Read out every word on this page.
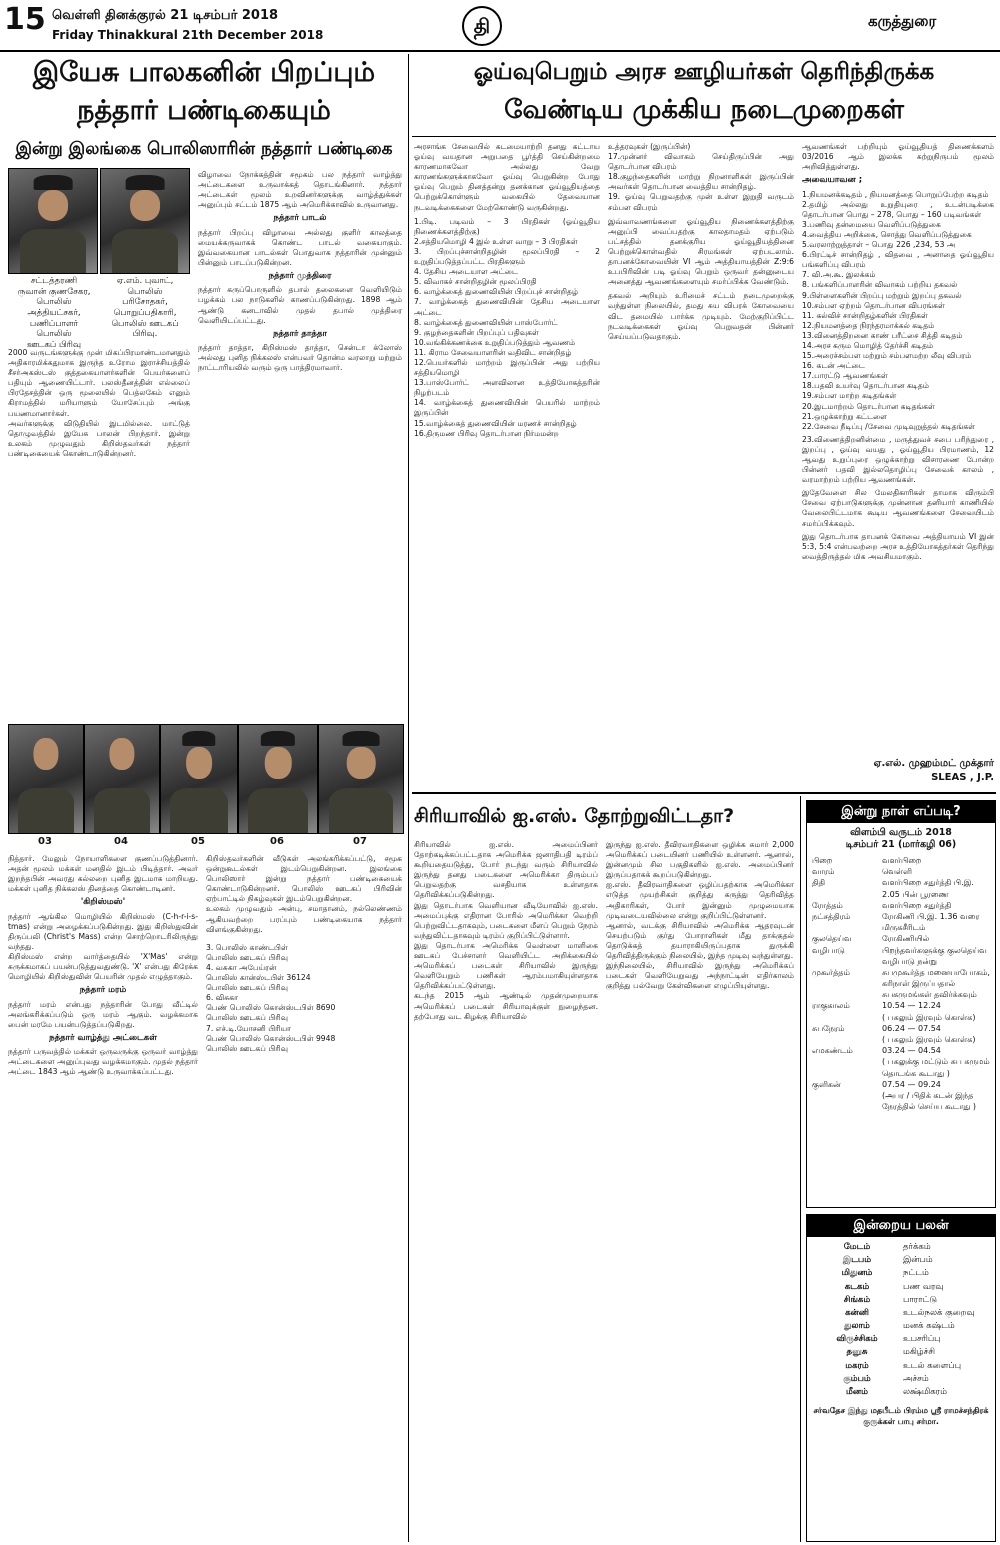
15 வெள்ளி தினக்குரல் 21 டிசம்பர் 2018
Friday Thinakkural 21th December 2018	தி	கருத்துரை
இயேசு பாலகனின் பிறப்பும்
நத்தார் பண்டிகையும்
இன்று இலங்கை பொலிஸாரின் நத்தார் பண்டிகை
சட்டத்தரணி
ருவான் குணசேகர,
பொலிஸ்
அத்தியட்சகர்,
பணிப்பாளர்
பொலிஸ்
ஊடகப் பிரிவு
ஏ.எம். புவாட்,
பொலிஸ்
பரிசோதகர்,
பொறுப்பதிகாரி,
பொலிஸ் ஊடகப்
பிரிவு.
2000 வருடங்களுக்கு முன் மிகப்பிரமாண்டமானதும் அதிகாரமிக்கதுமாக இருந்த உரோம இராச்சியத்தில் சீசர்அகஸ்டஸ் குத்தகையாளர்களின் பெயர்களைப் பதியும் ஆணையிட்டார். பலஸ்தீனத்தின் எல்லைப் பிரதேசத்தின் ஒரு மூலையில் பெத்லகேம் எனும் கிராமத்தில் மரியாளும் யோசேப்பும் அங்கு பயணமானார்கள்.
அவர்களுக்கு விடுதியில் இடமில்லை. மாட்டுத் தொழுவத்தில் இயேசு பாலன் பிறந்தார். இன்று உலகம் முழுவதும் கிறிஸ்தவர்கள் நத்தார் பண்டிகையைக் கொண்டாடுகின்றனர்.
விழாவை நோக்கத்தின் சமூகம் பல நத்தார் வாழ்த்து அட்டைகளை உருவாக்கத் தொடங்கினார். நத்தார் அட்டைகள் மூலம் உறவினர்களுக்கு வாழ்த்துக்கள் அனுப்பும் சட்டம் 1875 ஆம் அமெரிக்காவில் உருவானது.
நத்தார் பாடல்
நத்தார் பிறப்பு விழாவை அல்லது குளிர் காலத்தை மையக்கருவாகக் கொண்ட பாடல் வகையாகும். இவ்வகையான பாடல்கள் பொதுவாக நத்தாரின் முன்னும் பின்னும் பாடப்படுகின்றன.
நத்தார் முத்திரை
நத்தார் கருப்பொருளில் தபால் தலைகளை வெளியிடும் பழக்கம் பல நாடுகளில் காணப்படுகின்றது. 1898 ஆம் ஆண்டு கனடாவில் முதல் தபால் முத்திரை வெளியிடப்பட்டது.
நத்தார் தாத்தா
நத்தார் தாத்தா, கிறிஸ்மஸ் தாத்தா, சென்டா க்லோஸ் அல்லது புனித நிக்கலஸ் என்பவர் தொன்ம வரலாறு மற்றும் நாட்டாரியலில் வரும் ஒரு பாத்திரமாவார்.
03	04	05	06	07
நித்தார். மேலும் நோயாளிகளை குணப்படுத்தினார். அதன் மூலம் மக்கள் மனதில் இடம் பிடித்தார். அவர் இறந்தபின் அவரது கல்லறை புனித இடமாக மாறியது. மக்கள் புனித நிக்கலஸ் தினத்தை கொண்டாடினர்.
'கிறிஸ்மஸ்'
நத்தார் ஆங்கில மொழியில் கிறிஸ்மஸ் (C-h-r-i-s-tmas) என்று அழைக்கப்படுகின்றது. இது கிறிஸ்துவின் திருப்பலி (Christ's Mass) என்ற சொற்றொடரிலிருந்து வந்தது.
கிறிஸ்மஸ் என்ற வார்த்தையில் 'X'Mas' என்று சுருக்கமாகப் பயன்படுத்துவதுண்டு. 'X' என்பது கிரேக்க மொழியில் கிறிஸ்துவின் பெயரின் முதல் எழுத்தாகும்.
நத்தார் மரம்
நத்தார் மரம் என்பது நத்தாரின் போது வீட்டில் அலங்கரிக்கப்படும் ஒரு மரம் ஆகும். வழக்கமாக பைன் மரமே பயன்படுத்தப்படுகிறது.
நத்தார் வாழ்த்து அட்டைகள்
நத்தார் பருவத்தில் மக்கள் ஒருவருக்கு ஒருவர் வாழ்த்து அட்டைகளை அனுப்புவது வழக்கமாகும். முதல் நத்தார் அட்டை 1843 ஆம் ஆண்டு உருவாக்கப்பட்டது.
கிறிஸ்தவர்களின் வீடுகள் அலங்கரிக்கப்பட்டு, சமூக ஒன்றுகூடல்கள் இடம்பெறுகின்றன. இலங்கை பொலிஸார் இன்று நத்தார் பண்டிகையைக் கொண்டாடுகின்றனர். பொலிஸ் ஊடகப் பிரிவின் ஏற்பாட்டில் நிகழ்வுகள் இடம்பெறுகின்றன.
உலகம் முழுவதும் அன்பு, சமாதானம், நல்லெண்ணம் ஆகியவற்றை பரப்பும் பண்டிகையாக நத்தார் விளங்குகின்றது.
3. பொலிஸ் காண்டபிள்
பொலிஸ் ஊடகப் பிரிவு
4. வசுகா அபேய்ரன்
பொலிஸ் கான்ஸ்டபிள் 36124
பொலிஸ் ஊடகப் பிரிவு
6. விசுகா
பெண் பொலிஸ் கொன்ஸ்டபிள் 8690
பொலிஸ் ஊடகப் பிரிவு
7. எச்.டி.யோசனி பிரியா
பெண் பொலிஸ் கொன்ஸ்டபிள் 9948
பொலிஸ் ஊடகப் பிரிவு
ஓய்வுபெறும் அரச ஊழியர்கள் தெரிந்திருக்க
வேண்டிய முக்கிய நடைமுறைகள்
அரசாங்க சேவையில் கடமையாற்றி தனது கட்டாய ஓய்வு வயதான அறுபதை பூர்த்தி செய்கின்றமை காரணமாகவோ அல்லது வேறு காரணங்களுக்காகவோ ஓய்வு பெறுகின்ற போது ஓய்வு பெறும் தினத்தன்று தனக்கான ஓய்வூதியத்தை பெற்றுக்கொள்ளும் வகையில் தேவையான நடவடிக்கைகளை மேற்கொண்டு வருகின்றது.
1.பிடி. படிவம் – 3 பிரதிகள் (ஓய்வூதிய நிணைக்களத்திற்கு)
2.சத்தியமொழி 4 இல் உள்ள வாறு – 3 பிரதிகள்
3. பிறப்புச்சான்றிதழின் மூலப்பிரதி – 2 உறுதிப்படுத்தப்பட்ட பிரதிகளும்
4. தேசிய அடையாள அட்டை
5. விவாகச் சான்றிதழின் மூலப்பிரதி
6. வாழ்க்கைத் துணைவியின் பிறப்புச் சான்றிதழ்
7. வாழ்க்கைத் துணைவியின் தேசிய அடையாள அட்டை
8. வாழ்க்கைத் துணைவியின் பாஸ்போர்ட்
9. குழந்தைகளின் பிறப்புப் பதிவுகள்
10.வங்கிக்கணக்கை உறுதிப்படுத்தும் ஆவணம்
11. கிராம சேவையாளரின் வதிவிட சான்றிதழ்
12.பெயர்களில் மாற்றம் இருப்பின் அது பற்றிய சத்தியமொழி
13.பாஸ்போர்ட் அளவிலான உத்தியோகத்தரின் நிழற்படம்
14. வாழ்க்கைத் துணைவியின் பெயரில் மாற்றம் இருப்பின்
15.வாழ்க்கைத் துணைவியின் மரணச் சான்றிதழ்
16.திருமண பிரிவு தொடர்பான நிர்மமன்ற
உத்தரவுகள் (இருப்பின்)
17.முன்னர் விவாகம் செய்திருப்பின் அது தொடர்பான விபரம்
18.குழந்தைகளின் மாற்று நிறனாளிகள் இருப்பின் அவர்கள் தொடர்பான வைத்திய சான்றிதழ்.
19. ஓய்வு பெறுவதற்கு முன் உள்ள இறுதி வருடம் சம்பள விபரம்

இவ்வாவணங்களை ஓய்வூதிய நிணைக்களத்திற்கு அனுப்பி வைப்பதற்கு காலதாமதம் ஏற்படும் பட்சத்தில் தனக்குரிய ஓய்வூதியத்தினை பெற்றுக்கொள்வதில் சிரமங்கள் ஏற்படலாம். தாபனக்கோவையின் VI ஆம் அத்தியாயத்தின் Z:9:6 உபபிரிவின் படி ஓய்வு பெறும் ஒருவர் தன்னுடைய அனைத்து ஆவணங்களையும் சமர்ப்பிக்க வேண்டும்.

தகவல் அறியும் உரிமைச் சட்டம் நடைமுறைக்கு வந்துள்ள நிலையில், தமது சுய விபரக் கோவையை விட தமையில் பார்க்க முடியும். மேற்குறிப்பிட்ட நடவடிக்கைகள் ஓய்வு பெறுவதன் பின்னர் செய்யப்படுவதாகும்.

ஆவணங்கள் பற்றியும் ஓய்வூதியத் திணைக்களம் 03/2016 ஆம் இலக்க சுற்றுநிருபம் மூலம் அறிவித்துள்ளது.
அவையாவன ;
1.நியமனக்கடிதம் , நியமனத்தை பொறுப்பேற்ற கடிதம்
2.தமிழ் அல்லது உறுதியுரை , உடன்படிக்கை தொடர்பான பொது – 278, பொது – 160 படிவங்கள்
3.பணிவு தன்மையை வெளிப்படுத்துகை
4.வைத்திய அறிக்கை, சொத்து வெளிப்படுத்துகை
5.வரலாற்றுத்தாள் – பொது 226 ,234, 53 அ
6.பிரட்டிச் சான்றிதழ் , விதவை , அனாதை ஓய்வூதிய பங்களிப்பு விபரம்
7. வி.அ.கூ. இலக்கம்
8. பங்களிப்பாளரின் விவாகம் பற்றிய தகவல்
9.பிள்ளைகளின் பிறப்பு மற்றும் இறப்பு தகவல்
10.சம்பள ஏற்றம் தொடர்பான விபரங்கள்
11. கல்விச் சான்றிதழ்களின் பிரதிகள்
12.நியமனத்தை நிரந்தரமாக்கல் கடிதம்
13.வினைத்திறனை காண் பரீட்சை சித்தி கடிதம்
14.அரச கரும மொழித் தேர்ச்சி கடிதம்
15.அரைச்சம்பள மற்றும் சம்பளமற்ற லீவு விபரம்
16. கடன் அட்டை
17.பாரட்டு ஆவணங்கள்
18.பதவி உயர்வு தொடர்பான கடிதம்
19.சம்பள மாற்ற கடிதங்கள்
20.இடமாற்றம் தொடர்பான கடிதங்கள்
21.ஒழுக்காற்று கட்டளை
22.சேவை நீடிப்பு /சேவை முடிவுறுத்தல் கடிதங்கள்

23.விணைத்திறனின்மை , மருத்துவச் சபை பரிந்துரை , இறப்பு , ஓய்வு வயது , ஓய்வூதிய பிரமாணம், 12 ஆவது உறுப்புரை ஒழுக்காற்று விசாரணை போன்ற பின்னர் பதவி இல்லதொழிப்பு சேவைக் காலம் , வரமாற்றம் பற்றிய ஆவணங்கள்.

இதேவேளை சில மேலதிகாரிகள் தாமாக விரும்பி சேவை ஏற்பாடுகளுக்கு முன்னான தனியார் காணியில் வேலைபிட்டமாக கூடிய ஆவணங்களை சேவையிடம் சமர்ப்பிக்கவும்.

இது தொடர்பாக தாபனக் கோவை அத்தியாயம் VI இன் 5:3, 5:4 என்பவற்றை அரச உத்தியோகத்தர்கள் தெரிந்து வைத்திருத்தல் மிக அவசியமாகும்.

ஏ.எல். முஹம்மட் முக்தார்
SLEAS , J.P.
சிரியாவில் ஐ.எஸ். தோற்றுவிட்டதா?
சிரியாவில் ஐ.எஸ். அமைப்பினர் தோற்கடிக்கப்பட்டதாக அமெரிக்க ஜனாதிபதி டிரம்ப் கூறியதையடுத்து, போர் நடந்து வரும் சிரியாவில் இருந்து தனது படைகளை அமெரிக்கா திரும்பப் பெறுவதற்கு வசதியாக உள்ளதாக தெரிவிக்கப்படுகின்றது.
இது தொடர்பாக வெளியான வீடியோவில் ஐ.எஸ். அமைப்புக்கு எதிரான போரில் அமெரிக்கா வெற்றி பெற்றுவிட்டதாகவும், படைகளை மீளப் பெறும் நேரம் வந்துவிட்டதாகவும் டிரம்ப் குறிப்பிட்டுள்ளார்.
இது தொடர்பாக அமெரிக்க வெள்ளை மாளிகை ஊடகப் பேச்சாளர் வெளியிட்ட அறிக்கையில் அமெரிக்கப் படைகள் சிரியாவில் இருந்து வெளியேறும் பணிகள் ஆரம்பமாகியுள்ளதாக தெரிவிக்கப்பட்டுள்ளது.
கடந்த 2015 ஆம் ஆண்டில் முதன்முறையாக அமெரிக்கப் படைகள் சிரியாவுக்குள் நுழைந்தன. தற்போது வட கிழக்கு சிரியாவில்
இருந்து ஐ.எஸ். தீவிரவாதிகளை ஒழிக்க சுமார் 2,000 அமெரிக்கப் படையினர் பணியில் உள்ளனர். ஆனால், இன்னமும் சில பகுதிகளில் ஐ.எஸ். அமைப்பினர் இருப்பதாகக் கூறப்படுகின்றது.
ஐ.எஸ். தீவிரவாதிகளை ஒழிப்பதற்காக அமெரிக்கா எடுத்த முயற்சிகள் குறித்து கருத்து தெரிவித்த அதிகாரிகள், போர் இன்னும் முழுமையாக முடிவடையவில்லை என்று குறிப்பிட்டுள்ளனர்.
ஆனால், வடக்கு சிரியாவில் அமெரிக்க ஆதரவுடன் செயற்படும் குர்து போராளிகள் மீது தாக்குதல் தொடுக்கத் தயாராகியிருப்பதாக துருக்கி தெரிவித்திருக்கும் நிலையில், இந்த முடிவு வந்துள்ளது.
இந்நிலையில், சிரியாவில் இருந்து அமெரிக்கப் படைகள் வெளியேறுவது அந்நாட்டின் எதிர்காலம் குறித்து பல்வேறு கேள்விகளை எழுப்பியுள்ளது.
இன்று நாள் எப்படி?
விளம்பி வருடம் 2018
டிசம்பர் 21 (மார்கழி 06)
பிறை	வளர்பிறை
வாரம்	வெள்ளி
திதி	வளர்பிறை சதுர்த்தி பி.இ. 2.05 பின் பூரணை
ரோத்தம்	வளர்பிறை சதுர்த்தி
நட்சத்திரம்	ரோகிணி பி.இ. 1.36 வரை மிருகசீரிடம்
குலதெய்வ வழிபாடு
ரோகிணியில் பிறந்தவர்களுக்கு குலதெய்வ வழிபாடு நன்று
முகூர்த்தம்	சுபமுகூர்த்த மனையாபோகம், கரிநாள் இருப்பதால் சுபகருமங்கள் தவிர்க்கவும்
ராகுகாலம்	10.54 — 12.24
( பகலும் இரவும் கொள்க)
சுபநேரம்	06.24 — 07.54
( பகலும் இரவும் கொள்க)
எமகண்டம்	03.24 — 04.54
( பகலுக்கு மட்டும் சுப கருமம் தொடங்க கூடாது )
குளிகன்	07.54 — 09.24
(அபர / பிதிக் கடன் இந்த நேரத்தில் செய்ய கூடாது )
இன்றைய பலன்
மேடம்	தர்க்கம்
இடபம்	இன்பம்
மிதுனம்	நட்டம்
கடகம்	பண வரவு
சிங்கம்	பாராட்டு
கன்னி	உடல்நலக் குறைவு
துலாம்	மனக் கஷ்டம்
விருச்சிகம்	உபசரிப்பு
தனுசு	மகிழ்ச்சி
மகரம்	உடல் களைப்பு
கும்பம்	அச்சம்
மீனம்	லக்ஷ்மிகரம்
சர்வதேச இந்து மதபீடம் பிரம்ம ஸ்ரீ ராமச்சந்திரக் குருக்கள் பாபு சர்மா.
